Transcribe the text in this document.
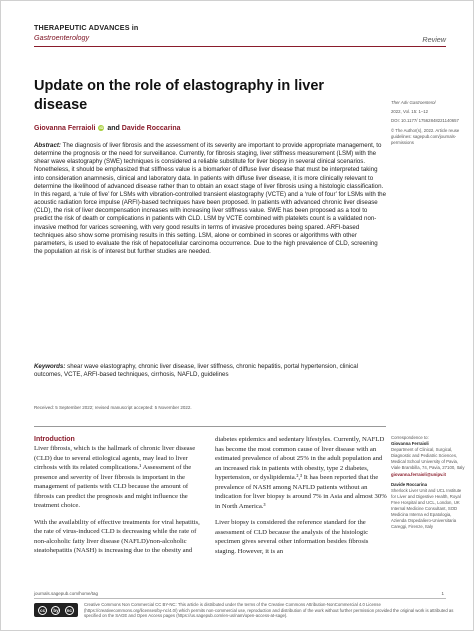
THERAPEUTIC ADVANCES in
Gastroenterology	Review
Update on the role of elastography in liver disease
Giovanna Ferraioli iD and Davide Roccarina
Ther Adv Gastroenterol
2022, Vol. 15: 1–12
DOI: 10.1177/ 17562848221140657
© The Author(s), 2022. Article reuse guidelines: sagepub.com/journals- permissions
Abstract: The diagnosis of liver fibrosis and the assessment of its severity are important to provide appropriate management, to determine the prognosis or the need for surveillance. Currently, for fibrosis staging, liver stiffness measurement (LSM) with the shear wave elastography (SWE) techniques is considered a reliable substitute for liver biopsy in several clinical scenarios. Nonetheless, it should be emphasized that stiffness value is a biomarker of diffuse liver disease that must be interpreted taking into consideration anamnesis, clinical and laboratory data. In patients with diffuse liver disease, it is more clinically relevant to determine the likelihood of advanced disease rather than to obtain an exact stage of liver fibrosis using a histologic classification. In this regard, a ‘rule of five’ for LSMs with vibration-controlled transient elastography (VCTE) and a ‘rule of four’ for LSMs with the acoustic radiation force impulse (ARFI)-based techniques have been proposed. In patients with advanced chronic liver disease (CLD), the risk of liver decompensation increases with increasing liver stiffness value. SWE has been proposed as a tool to predict the risk of death or complications in patients with CLD. LSM by VCTE combined with platelets count is a validated non-invasive method for varices screening, with very good results in terms of invasive procedures being spared. ARFI-based techniques also show some promising results in this setting. LSM, alone or combined in scores or algorithms with other parameters, is used to evaluate the risk of hepatocellular carcinoma occurrence. Due to the high prevalence of CLD, screening the population at risk is of interest but further studies are needed.
Keywords: shear wave elastography, chronic liver disease, liver stiffness, chronic hepatitis, portal hypertension, clinical outcomes, VCTE, ARFI-based techniques, cirrhosis, NAFLD, guidelines
Received: 5 September 2022; revised manuscript accepted: 5 November 2022.
Introduction

Liver fibrosis, which is the hallmark of chronic liver disease (CLD) due to several etiological agents, may lead to liver cirrhosis with its related complications.¹ Assessment of the presence and severity of liver fibrosis is important in the management of patients with CLD because the amount of fibrosis can predict the prognosis and might influence the treatment choice.

With the availability of effective treatments for viral hepatitis, the rate of virus-induced CLD is decreasing while the rate of non-alcoholic fatty liver disease (NAFLD)/non-alcoholic steatohepatitis (NASH) is increasing due to the obesity and

diabetes epidemics and sedentary lifestyles. Currently, NAFLD has become the most common cause of liver disease with an estimated prevalence of about 25% in the adult population and an increased risk in patients with obesity, type 2 diabetes, hypertension, or dyslipidemia.²,³ It has been reported that the prevalence of NASH among NAFLD patients without an indication for liver biopsy is around 7% in Asia and almost 30% in North America.³

Liver biopsy is considered the reference standard for the assessment of CLD because the analysis of the histologic specimen gives several other information besides fibrosis staging. However, it is an

Correspondence to:
Giovanna Ferraioli
Department of Clinical, Surgical, Diagnostic and Pediatric Sciences, Medical School University of Pavia, Viale Brambilla, 74, Pavia, 27100, Italy
giovanna.ferraioli@unipv.it
Davide Roccarina
Sherlock Liver Unit and UCL Institute for Liver and Digestive Health, Royal Free Hospital and UCL, London, UK
Internal Medicine Consultant, SOD Medicina Interna ed Epatologia, Azienda Ospedaliero-Universitaria Careggi, Firenze, Italy
journals.sagepub.com/home/tag	1
cc	by	nc
Creative Commons Non Commercial CC BY-NC: This article is distributed under the terms of the Creative Commons Attribution-NonCommercial 4.0 License (https://creativecommons.org/licenses/by-nc/4.0/) which permits non-commercial use, reproduction and distribution of the work without further permission provided the original work is attributed as specified on the SAGE and Open Access pages (https://us.sagepub.com/en-us/nam/open-access-at-sage).
